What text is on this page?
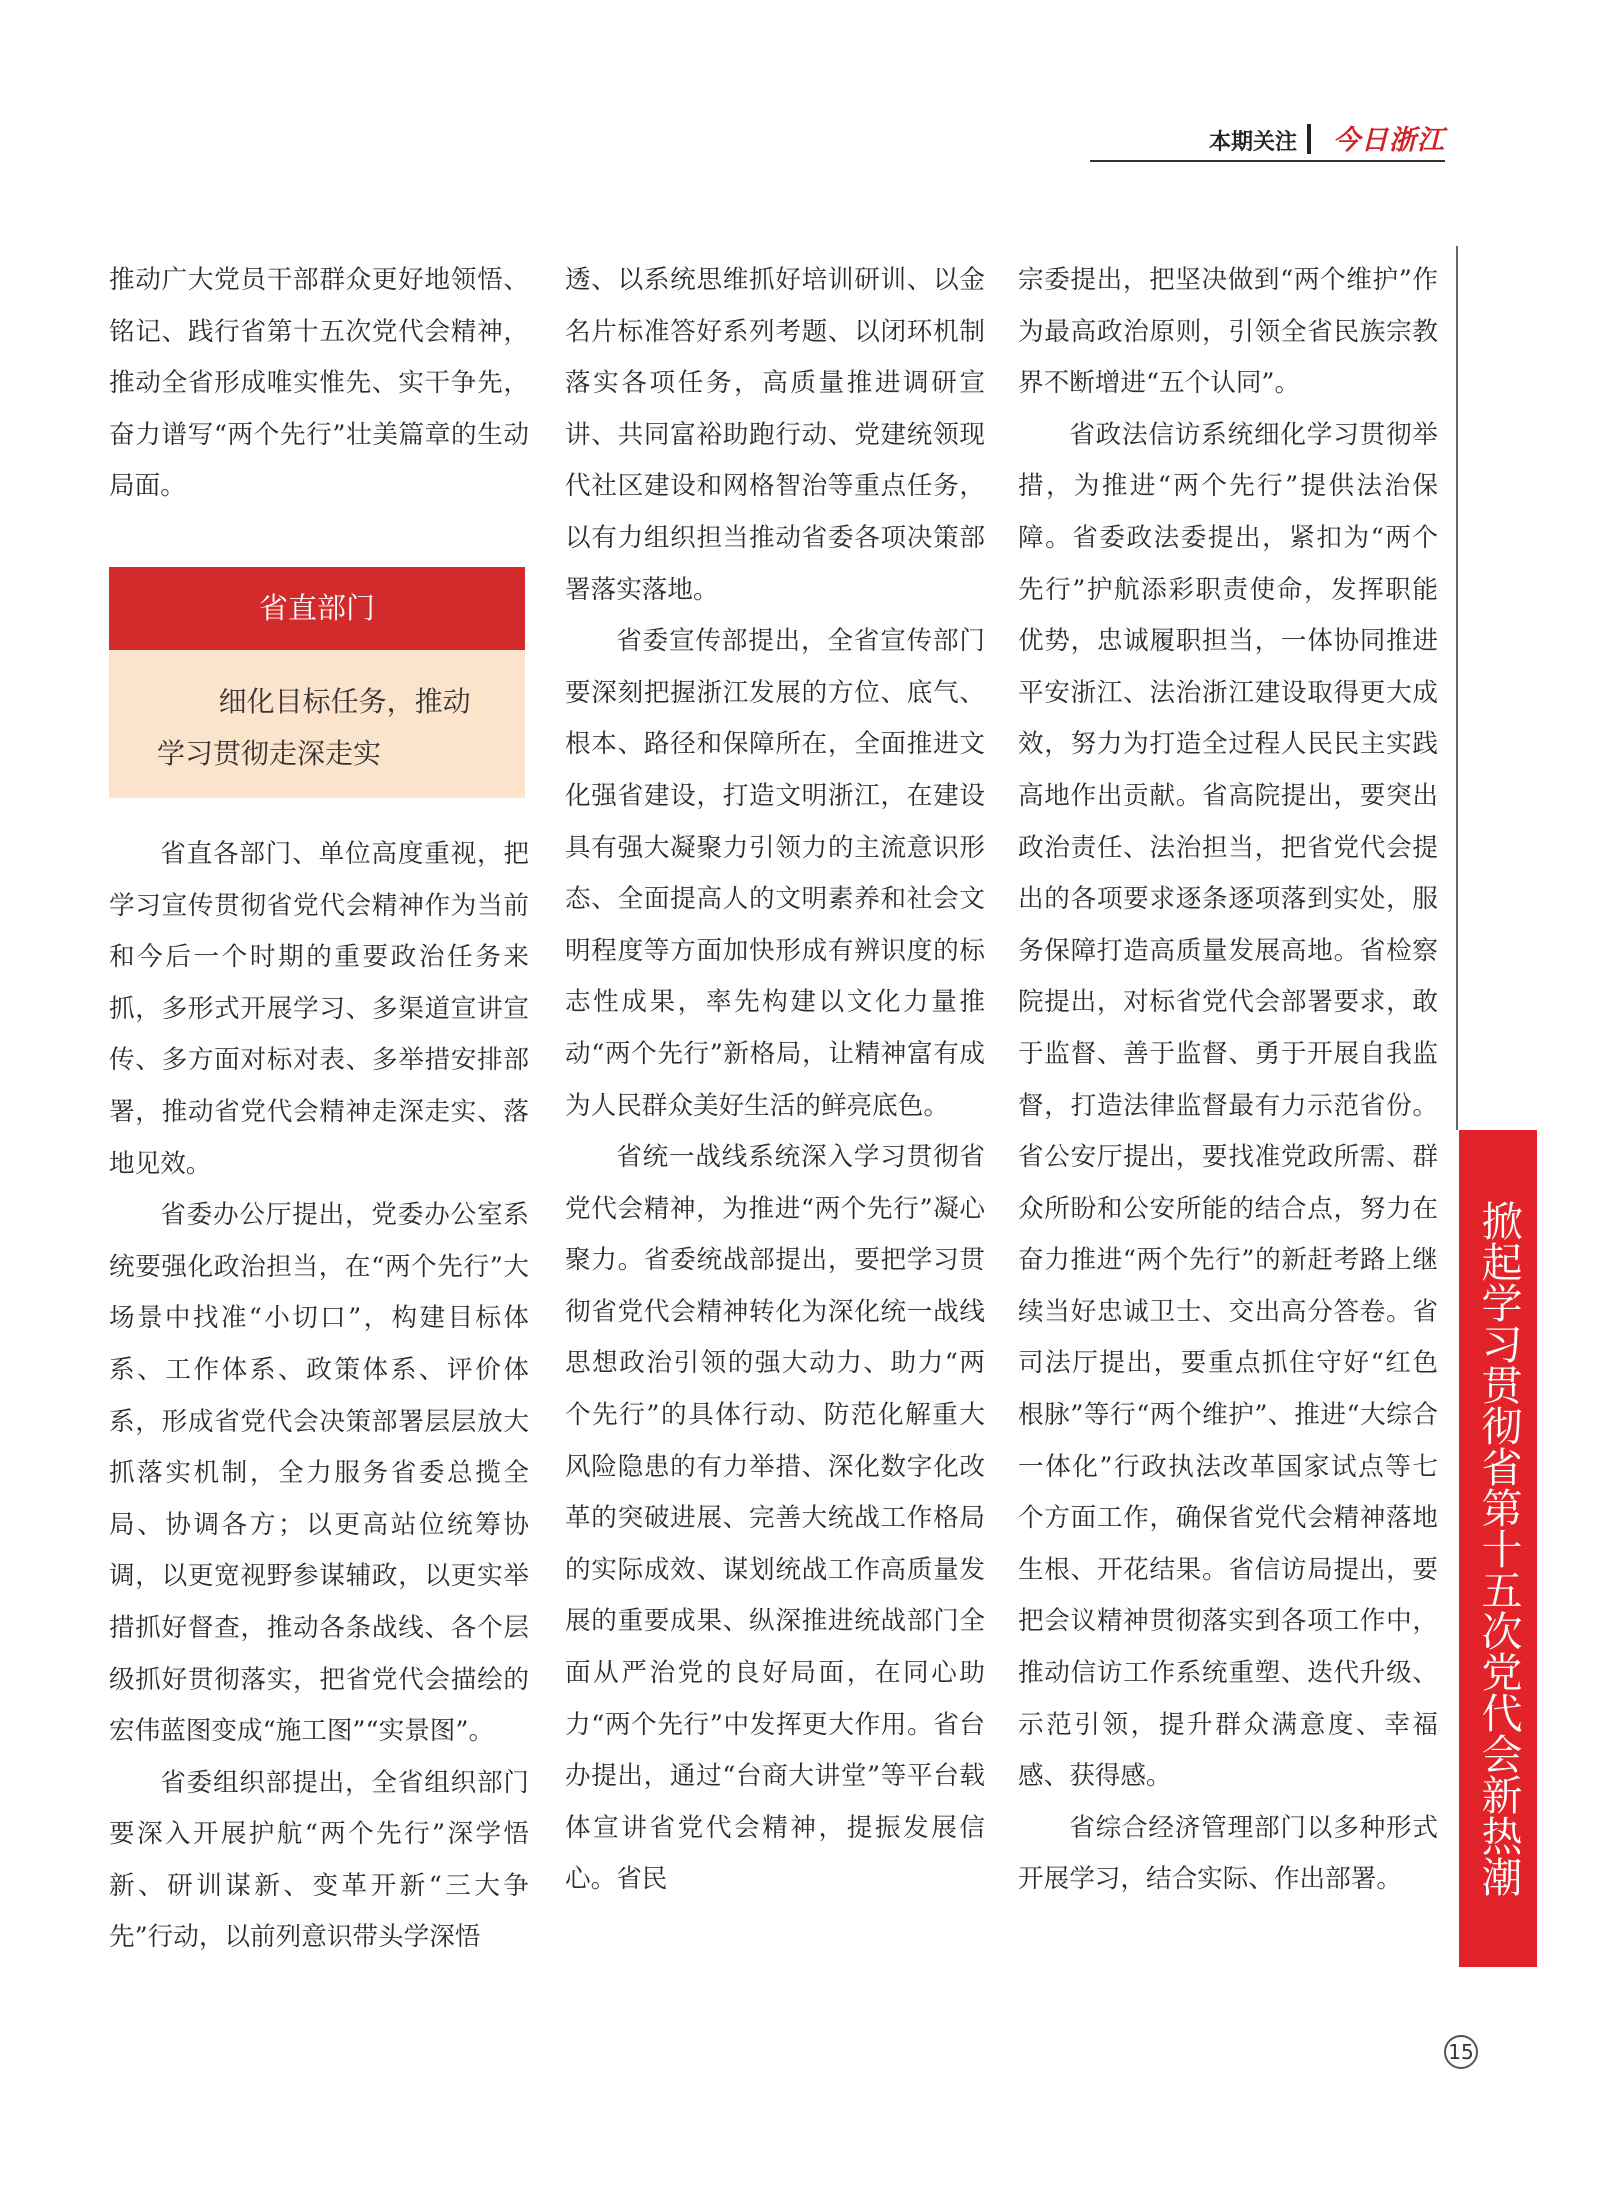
本期关注 今日浙江

推动广大党员干部群众更好地领悟、铭记、践行省第十五次党代会精神，推动全省形成唯实惟先、实干争先，奋力谱写“两个先行”壮美篇章的生动局面。

省直部门
细化目标任务，推动
学习贯彻走深走实

省直各部门、单位高度重视，把学习宣传贯彻省党代会精神作为当前和今后一个时期的重要政治任务来抓，多形式开展学习、多渠道宣讲宣传、多方面对标对表、多举措安排部署，推动省党代会精神走深走实、落地见效。

省委办公厅提出，党委办公室系统要强化政治担当，在“两个先行”大场景中找准“小切口”，构建目标体系、工作体系、政策体系、评价体系，形成省党代会决策部署层层放大抓落实机制，全力服务省委总揽全局、协调各方；以更高站位统筹协调，以更宽视野参谋辅政，以更实举措抓好督查，推动各条战线、各个层级抓好贯彻落实，把省党代会描绘的宏伟蓝图变成“施工图”“实景图”。

省委组织部提出，全省组织部门要深入开展护航“两个先行”深学悟新、研训谋新、变革开新“三大争先”行动，以前列意识带头学深悟

透、以系统思维抓好培训研训、以金名片标准答好系列考题、以闭环机制落实各项任务，高质量推进调研宣讲、共同富裕助跑行动、党建统领现代社区建设和网格智治等重点任务，以有力组织担当推动省委各项决策部署落实落地。

省委宣传部提出，全省宣传部门要深刻把握浙江发展的方位、底气、根本、路径和保障所在，全面推进文化强省建设，打造文明浙江，在建设具有强大凝聚力引领力的主流意识形态、全面提高人的文明素养和社会文明程度等方面加快形成有辨识度的标志性成果，率先构建以文化力量推动“两个先行”新格局，让精神富有成为人民群众美好生活的鲜亮底色。

省统一战线系统深入学习贯彻省党代会精神，为推进“两个先行”凝心聚力。省委统战部提出，要把学习贯彻省党代会精神转化为深化统一战线思想政治引领的强大动力、助力“两个先行”的具体行动、防范化解重大风险隐患的有力举措、深化数字化改革的突破进展、完善大统战工作格局的实际成效、谋划统战工作高质量发展的重要成果、纵深推进统战部门全面从严治党的良好局面，在同心助力“两个先行”中发挥更大作用。省台办提出，通过“台商大讲堂”等平台载体宣讲省党代会精神，提振发展信心。省民

宗委提出，把坚决做到“两个维护”作为最高政治原则，引领全省民族宗教界不断增进“五个认同”。

省政法信访系统细化学习贯彻举措，为推进“两个先行”提供法治保障。省委政法委提出，紧扣为“两个先行”护航添彩职责使命，发挥职能优势，忠诚履职担当，一体协同推进平安浙江、法治浙江建设取得更大成效，努力为打造全过程人民民主实践高地作出贡献。省高院提出，要突出政治责任、法治担当，把省党代会提出的各项要求逐条逐项落到实处，服务保障打造高质量发展高地。省检察院提出，对标省党代会部署要求，敢于监督、善于监督、勇于开展自我监督，打造法律监督最有力示范省份。省公安厅提出，要找准党政所需、群众所盼和公安所能的结合点，努力在奋力推进“两个先行”的新赶考路上继续当好忠诚卫士、交出高分答卷。省司法厅提出，要重点抓住守好“红色根脉”等行“两个维护”、推进“大综合一体化”行政执法改革国家试点等七个方面工作，确保省党代会精神落地生根、开花结果。省信访局提出，要把会议精神贯彻落实到各项工作中，推动信访工作系统重塑、迭代升级、示范引领，提升群众满意度、幸福感、获得感。

省综合经济管理部门以多种形式开展学习，结合实际、作出部署。	掀起学习贯彻省第十五次党代会新热潮
15
